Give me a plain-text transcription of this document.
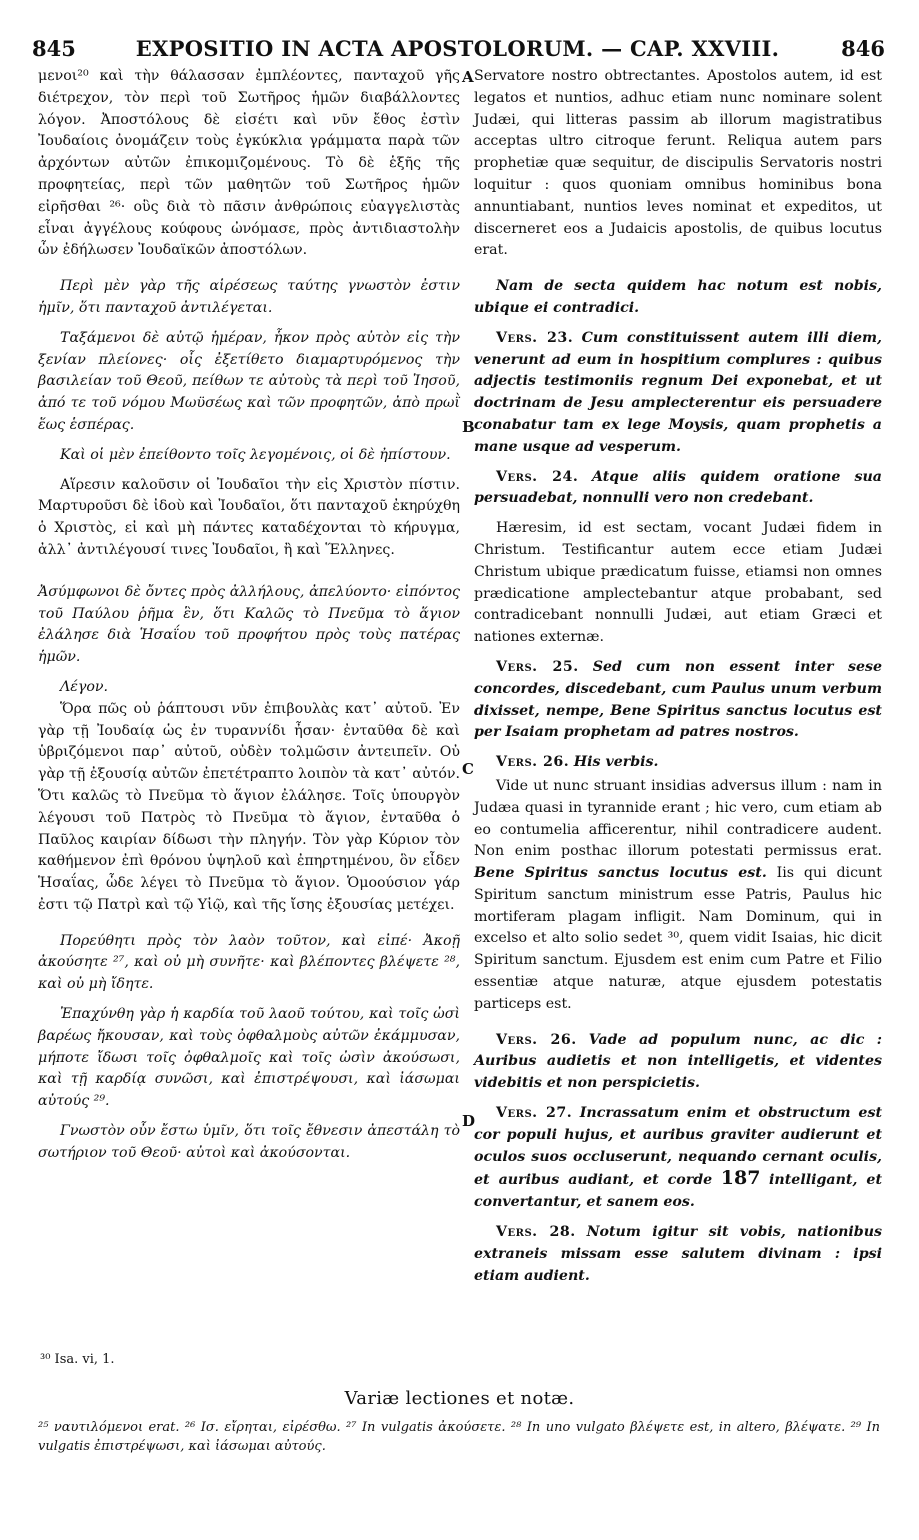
845	EXPOSITIO IN ACTA APOSTOLORUM. — CAP. XXVIII.	846
A
B
C
D

μενοι²⁰ καὶ τὴν θάλασσαν ἐμπλέοντες, πανταχοῦ γῆς διέτρεχον, τὸν περὶ τοῦ Σωτῆρος ἡμῶν διαβάλλοντες λόγον. Ἀποστόλους δὲ εἰσέτι καὶ νῦν ἔθος ἐστὶν Ἰουδαίοις ὀνομάζειν τοὺς ἐγκύκλια γράμματα παρὰ τῶν ἀρχόντων αὐτῶν ἐπικομιζομένους. Τὸ δὲ ἑξῆς τῆς προφητείας, περὶ τῶν μαθητῶν τοῦ Σωτῆρος ἡμῶν εἰρῆσθαι ²⁶· οὓς διὰ τὸ πᾶσιν ἀνθρώποις εὐαγγελιστὰς εἶναι ἀγγέλους κούφους ὠνόμασε, πρὸς ἀντιδιαστολὴν ὧν ἐδήλωσεν Ἰουδαϊκῶν ἀποστόλων.

Περὶ μὲν γὰρ τῆς αἱρέσεως ταύτης γνωστὸν ἐστιν ἡμῖν, ὅτι πανταχοῦ ἀντιλέγεται.

Ταξάμενοι δὲ αὐτῷ ἡμέραν, ἧκον πρὸς αὐτὸν εἰς τὴν ξενίαν πλείονες· οἷς ἐξετίθετο διαμαρτυρόμενος τὴν βασιλείαν τοῦ Θεοῦ, πείθων τε αὐτοὺς τὰ περὶ τοῦ Ἰησοῦ, ἀπό τε τοῦ νόμου Μωϋσέως καὶ τῶν προφητῶν, ἀπὸ πρωῒ ἕως ἑσπέρας.

Καὶ οἱ μὲν ἐπείθοντο τοῖς λεγομένοις, οἱ δὲ ἠπίστουν.

Αἵρεσιν καλοῦσιν οἱ Ἰουδαῖοι τὴν εἰς Χριστὸν πίστιν. Μαρτυροῦσι δὲ ἰδοὺ καὶ Ἰουδαῖοι, ὅτι πανταχοῦ ἐκηρύχθη ὁ Χριστὸς, εἰ καὶ μὴ πάντες καταδέχονται τὸ κήρυγμα, ἀλλ᾽ ἀντιλέγουσί τινες Ἰουδαῖοι, ἢ καὶ Ἕλληνες.

Ἀσύμφωνοι δὲ ὄντες πρὸς ἀλλήλους, ἀπελύοντο· εἰπόντος τοῦ Παύλου ῥῆμα ἓν, ὅτι Καλῶς τὸ Πνεῦμα τὸ ἅγιον ἐλάλησε διὰ Ἡσαΐου τοῦ προφήτου πρὸς τοὺς πατέρας ἡμῶν.

Λέγον.

Ὅρα πῶς οὐ ῥάπτουσι νῦν ἐπιβουλὰς κατ᾽ αὐτοῦ. Ἐν γὰρ τῇ Ἰουδαίᾳ ὡς ἐν τυραννίδι ἦσαν· ἐνταῦθα δὲ καὶ ὑβριζόμενοι παρ᾽ αὐτοῦ, οὐδὲν τολμῶσιν ἀντειπεῖν. Οὐ γὰρ τῇ ἐξουσίᾳ αὐτῶν ἐπετέτραπτο λοιπὸν τὰ κατ᾽ αὐτόν. Ὅτι καλῶς τὸ Πνεῦμα τὸ ἅγιον ἐλάλησε. Τοῖς ὑπουργὸν λέγουσι τοῦ Πατρὸς τὸ Πνεῦμα τὸ ἅγιον, ἐνταῦθα ὁ Παῦλος καιρίαν δίδωσι τὴν πληγήν. Τὸν γὰρ Κύριον τὸν καθήμενον ἐπὶ θρόνου ὑψηλοῦ καὶ ἐπηρτημένου, ὃν εἶδεν Ἡσαΐας, ὧδε λέγει τὸ Πνεῦμα τὸ ἅγιον. Ὁμοούσιον γάρ ἐστι τῷ Πατρὶ καὶ τῷ Υἱῷ, καὶ τῆς ἴσης ἐξουσίας μετέχει.

Πορεύθητι πρὸς τὸν λαὸν τοῦτον, καὶ εἰπέ· Ἀκοῇ ἀκούσητε ²⁷, καὶ οὐ μὴ συνῆτε· καὶ βλέποντες βλέψετε ²⁸, καὶ οὐ μὴ ἴδητε.

Ἐπαχύνθη γὰρ ἡ καρδία τοῦ λαοῦ τούτου, καὶ τοῖς ὠσὶ βαρέως ἤκουσαν, καὶ τοὺς ὀφθαλμοὺς αὐτῶν ἐκάμμυσαν, μήποτε ἴδωσι τοῖς ὀφθαλμοῖς καὶ τοῖς ὠσὶν ἀκούσωσι, καὶ τῇ καρδίᾳ συνῶσι, καὶ ἐπιστρέψουσι, καὶ ἰάσωμαι αὐτούς ²⁹.

Γνωστὸν οὖν ἔστω ὑμῖν, ὅτι τοῖς ἔθνεσιν ἀπεστάλη τὸ σωτήριον τοῦ Θεοῦ· αὐτοὶ καὶ ἀκούσονται.

Servatore nostro obtrectantes. Apostolos autem, id est legatos et nuntios, adhuc etiam nunc nominare solent Judæi, qui litteras passim ab illorum magistratibus acceptas ultro citroque ferunt. Reliqua autem pars prophetiæ quæ sequitur, de discipulis Servatoris nostri loquitur : quos quoniam omnibus hominibus bona annuntiabant, nuntios leves nominat et expeditos, ut discerneret eos a Judaicis apostolis, de quibus locutus erat.

Nam de secta quidem hac notum est nobis, ubique ei contradici.

Vers. 23. Cum constituissent autem illi diem, venerunt ad eum in hospitium complures : quibus adjectis testimoniis regnum Dei exponebat, et ut doctrinam de Jesu amplecterentur eis persuadere conabatur tam ex lege Moysis, quam prophetis a mane usque ad vesperum.

Vers. 24. Atque aliis quidem oratione sua persuadebat, nonnulli vero non credebant.

Hæresim, id est sectam, vocant Judæi fidem in Christum. Testificantur autem ecce etiam Judæi Christum ubique prædicatum fuisse, etiamsi non omnes prædicatione amplectebantur atque probabant, sed contradicebant nonnulli Judæi, aut etiam Græci et nationes externæ.

Vers. 25. Sed cum non essent inter sese concordes, discedebant, cum Paulus unum verbum dixisset, nempe, Bene Spiritus sanctus locutus est per Isaiam prophetam ad patres nostros.

Vers. 26. His verbis.

Vide ut nunc struant insidias adversus illum : nam in Judæa quasi in tyrannide erant ; hic vero, cum etiam ab eo contumelia afficerentur, nihil contradicere audent. Non enim posthac illorum potestati permissus erat. Bene Spiritus sanctus locutus est. Iis qui dicunt Spiritum sanctum ministrum esse Patris, Paulus hic mortiferam plagam infligit. Nam Dominum, qui in excelso et alto solio sedet ³⁰, quem vidit Isaias, hic dicit Spiritum sanctum. Ejusdem est enim cum Patre et Filio essentiæ atque naturæ, atque ejusdem potestatis particeps est.

Vers. 26. Vade ad populum nunc, ac dic : Auribus audietis et non intelligetis, et videntes videbitis et non perspicietis.

Vers. 27. Incrassatum enim et obstructum est cor populi hujus, et auribus graviter audierunt et oculos suos occluserunt, nequando cernant oculis, et auribus audiant, et corde 187 intelligant, et convertantur, et sanem eos.

Vers. 28. Notum igitur sit vobis, nationibus extraneis missam esse salutem divinam : ipsi etiam audient.

³⁰ Isa. vi, 1.
Variæ lectiones et notæ.
²⁵ ναυτιλόμενοι erat. ²⁶ Ισ. εἴρηται, εἰρέσθω. ²⁷ In vulgatis ἀκούσετε. ²⁸ In uno vulgato βλέψετε est, in altero, βλέψατε. ²⁹ In vulgatis ἐπιστρέψωσι, καὶ ἰάσωμαι αὐτούς.
